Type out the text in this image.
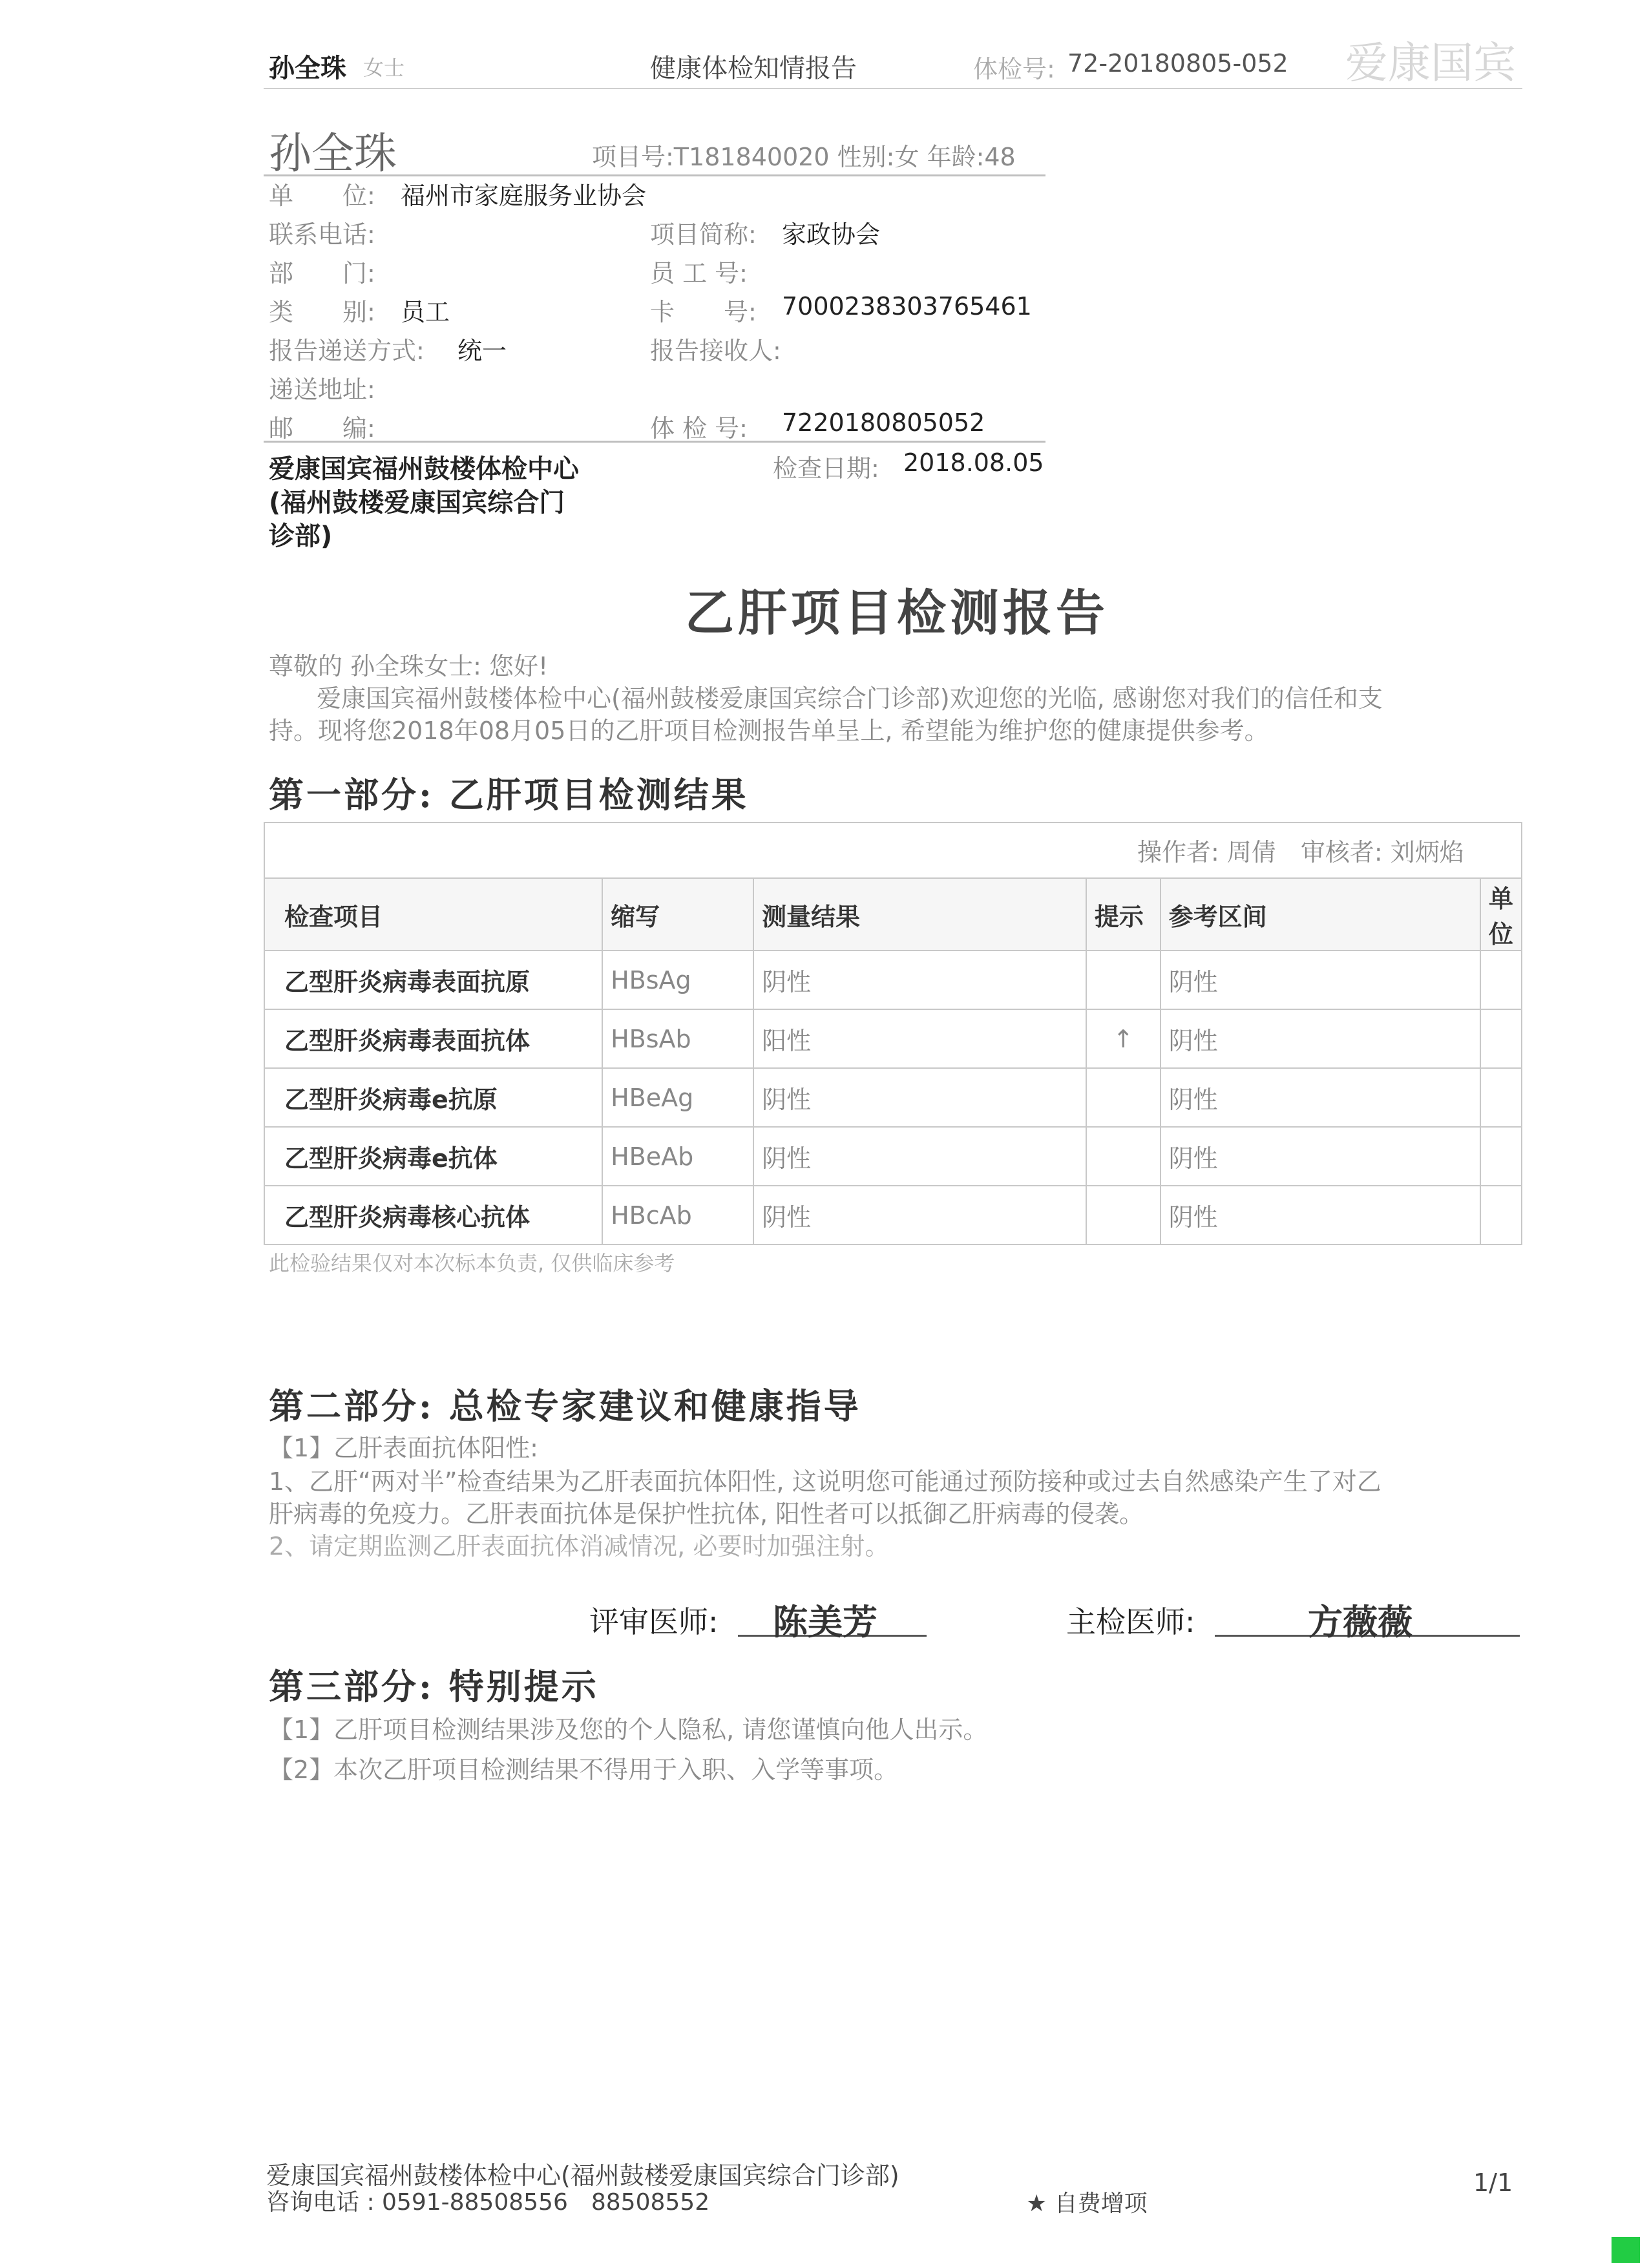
孙全珠 女士	健康体检知情报告	体检号: 72-20180805-052 爱康国宾
孙全珠	项目号:T181840020 性别:女 年龄:48
单　　位: 福州市家庭服务业协会
联系电话:	项目简称: 家政协会
部　　门:	员 工 号:
类　　别: 员工	卡　　号: 7000238303765461
报告递送方式: 统一	报告接收人:
递送地址:
邮　　编:	体 检 号: 7220180805052
爱康国宾福州鼓楼体检中心
(福州鼓楼爱康国宾综合门
诊部)
检查日期: 2018.08.05
乙肝项目检测报告
尊敬的 孙全珠女士: 您好!
爱康国宾福州鼓楼体检中心(福州鼓楼爱康国宾综合门诊部)欢迎您的光临, 感谢您对我们的信任和支
持。现将您2018年08月05日的乙肝项目检测报告单呈上, 希望能为维护您的健康提供参考。
第一部分: 乙肝项目检测结果
操作者: 周倩　审核者: 刘炳焰
检查项目	缩写	测量结果	提示	参考区间	单位
乙型肝炎病毒表面抗原	HBsAg	阴性		阴性	
乙型肝炎病毒表面抗体	HBsAb	阳性	↑	阴性	
乙型肝炎病毒e抗原	HBeAg	阴性		阴性	
乙型肝炎病毒e抗体	HBeAb	阴性		阴性	
乙型肝炎病毒核心抗体	HBcAb	阴性		阴性	
此检验结果仅对本次标本负责, 仅供临床参考
第二部分: 总检专家建议和健康指导
【1】乙肝表面抗体阳性:
1、乙肝“两对半”检查结果为乙肝表面抗体阳性, 这说明您可能通过预防接种或过去自然感染产生了对乙
肝病毒的免疫力。乙肝表面抗体是保护性抗体, 阳性者可以抵御乙肝病毒的侵袭。
2、请定期监测乙肝表面抗体消减情况, 必要时加强注射。
评审医师: 陈美芳	主检医师:	方薇薇
第三部分: 特别提示
【1】乙肝项目检测结果涉及您的个人隐私, 请您谨慎向他人出示。
【2】本次乙肝项目检测结果不得用于入职、入学等事项。
爱康国宾福州鼓楼体检中心(福州鼓楼爱康国宾综合门诊部)
咨询电话 : 0591-88508556　88508552	★ 自费增项
1/1
